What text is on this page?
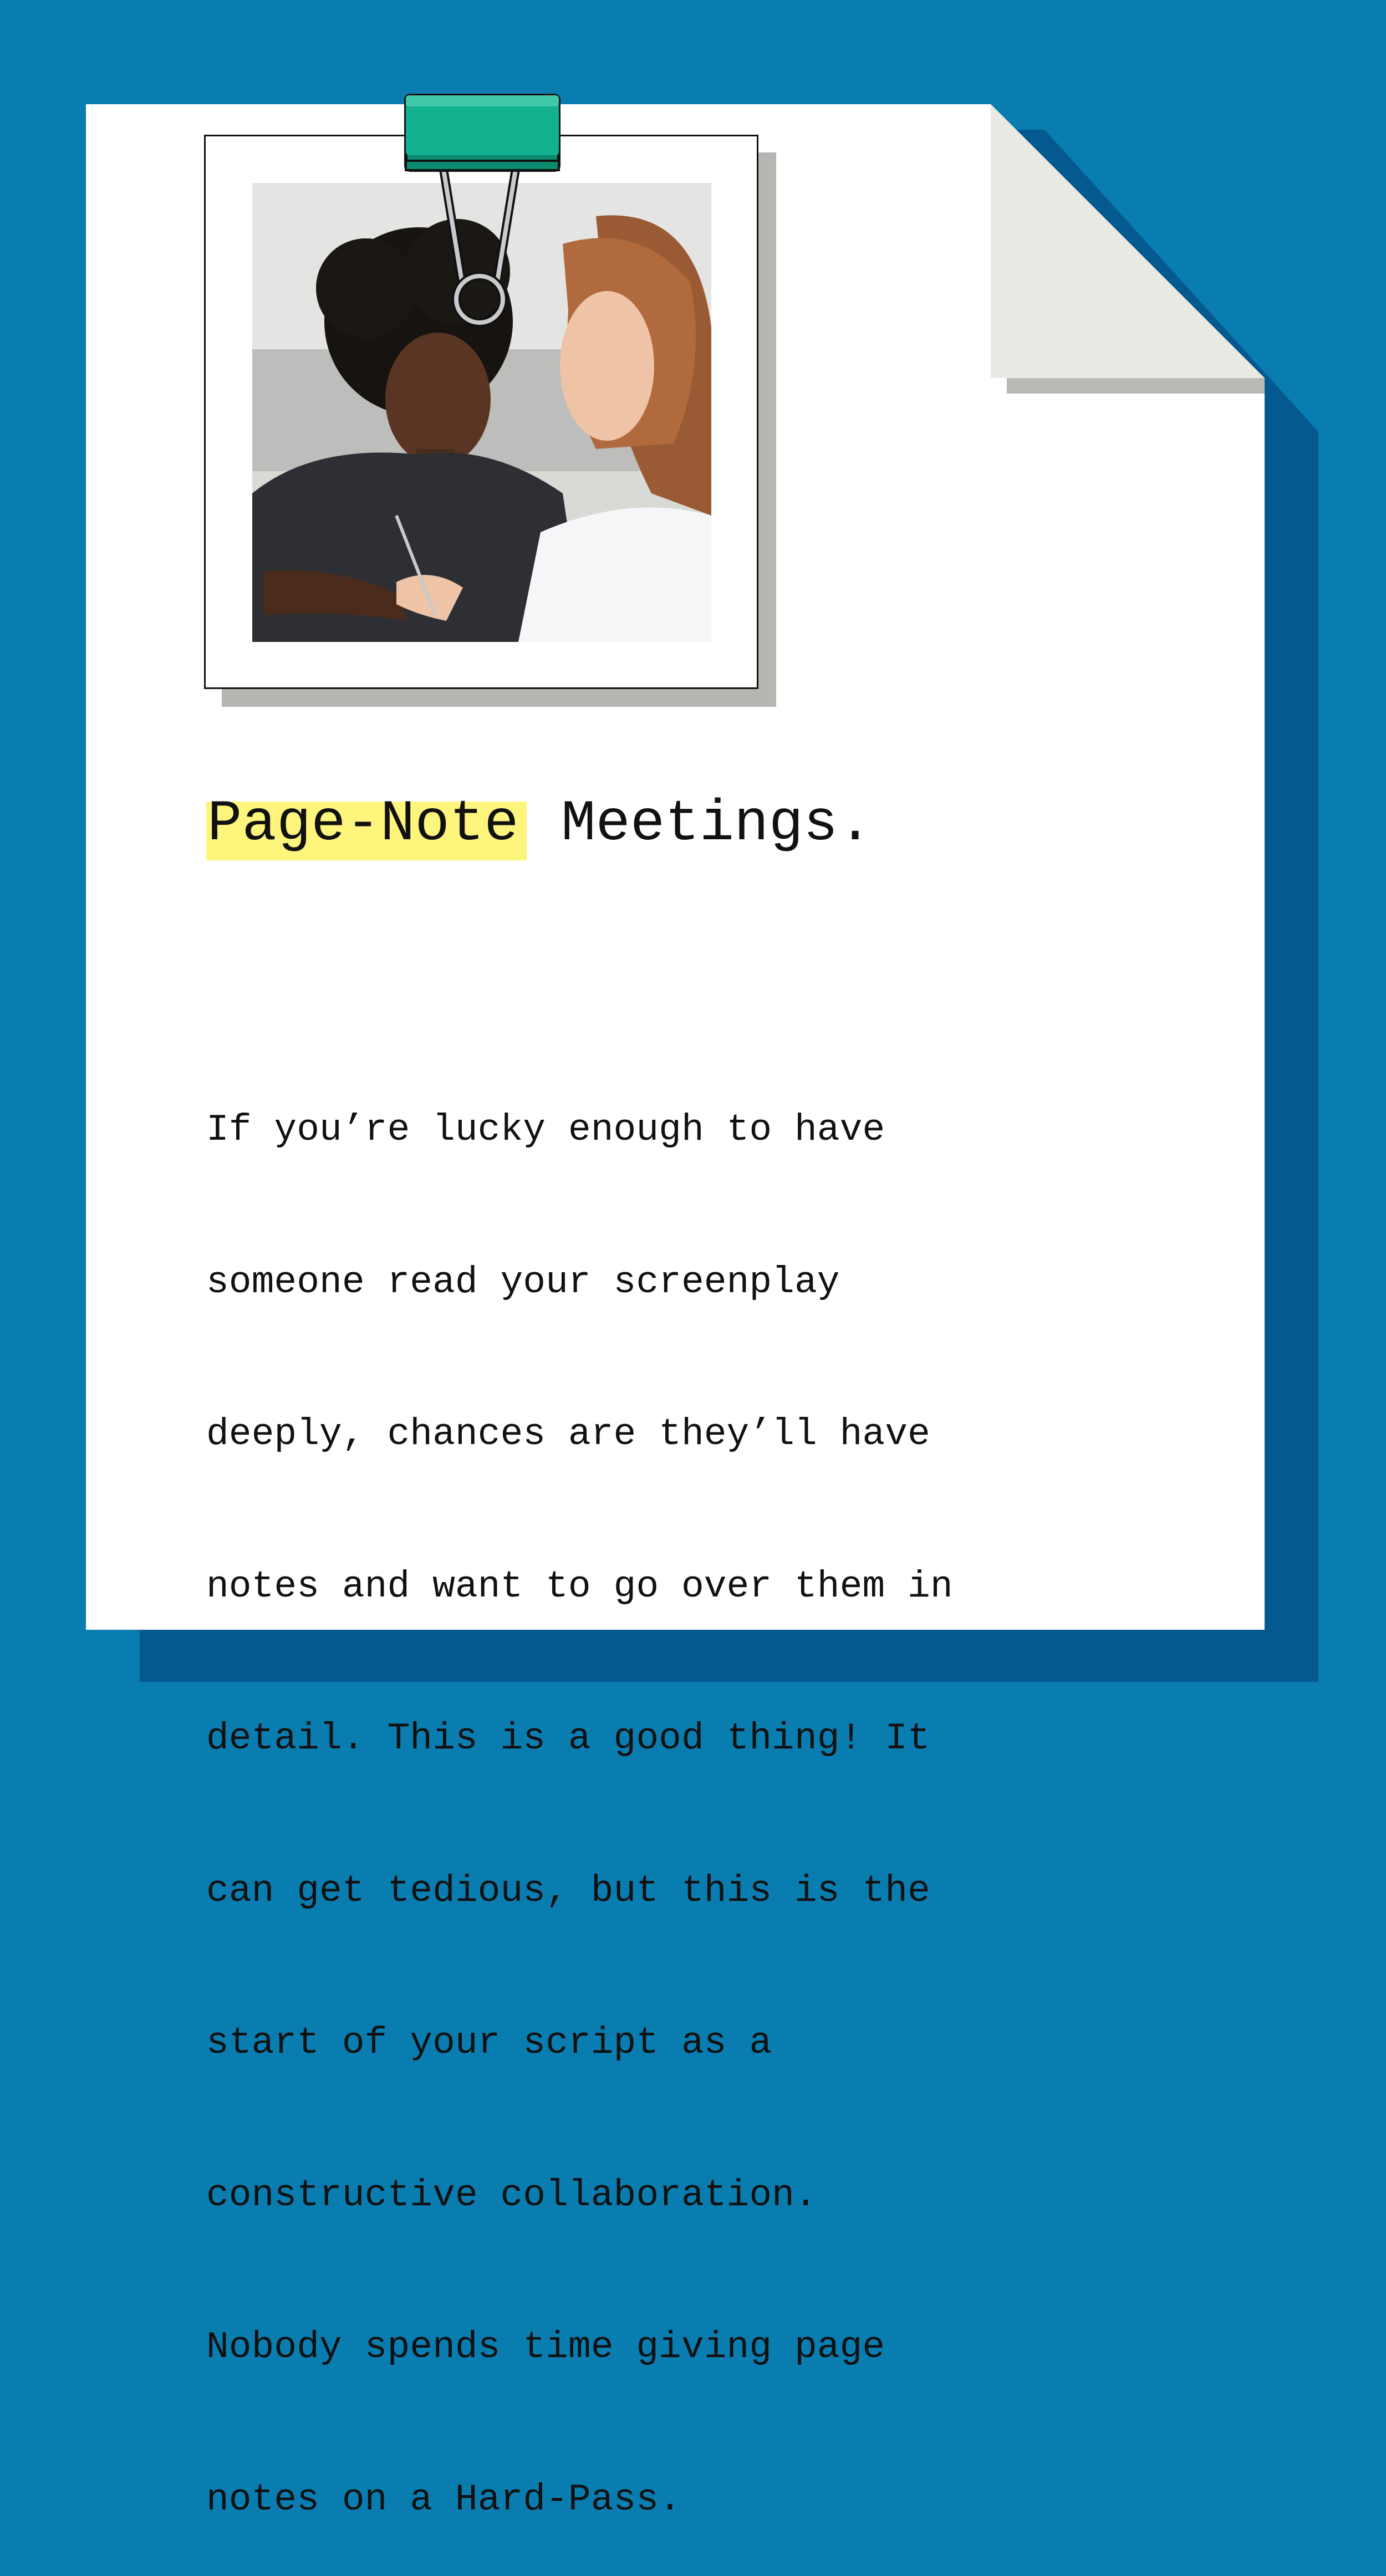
Page-Note Meetings.

If you’re lucky enough to have

someone read your screenplay

deeply, chances are they’ll have

notes and want to go over them in

detail. This is a good thing! It

can get tedious, but this is the

start of your script as a

constructive collaboration.

Nobody spends time giving page

notes on a Hard-Pass.
